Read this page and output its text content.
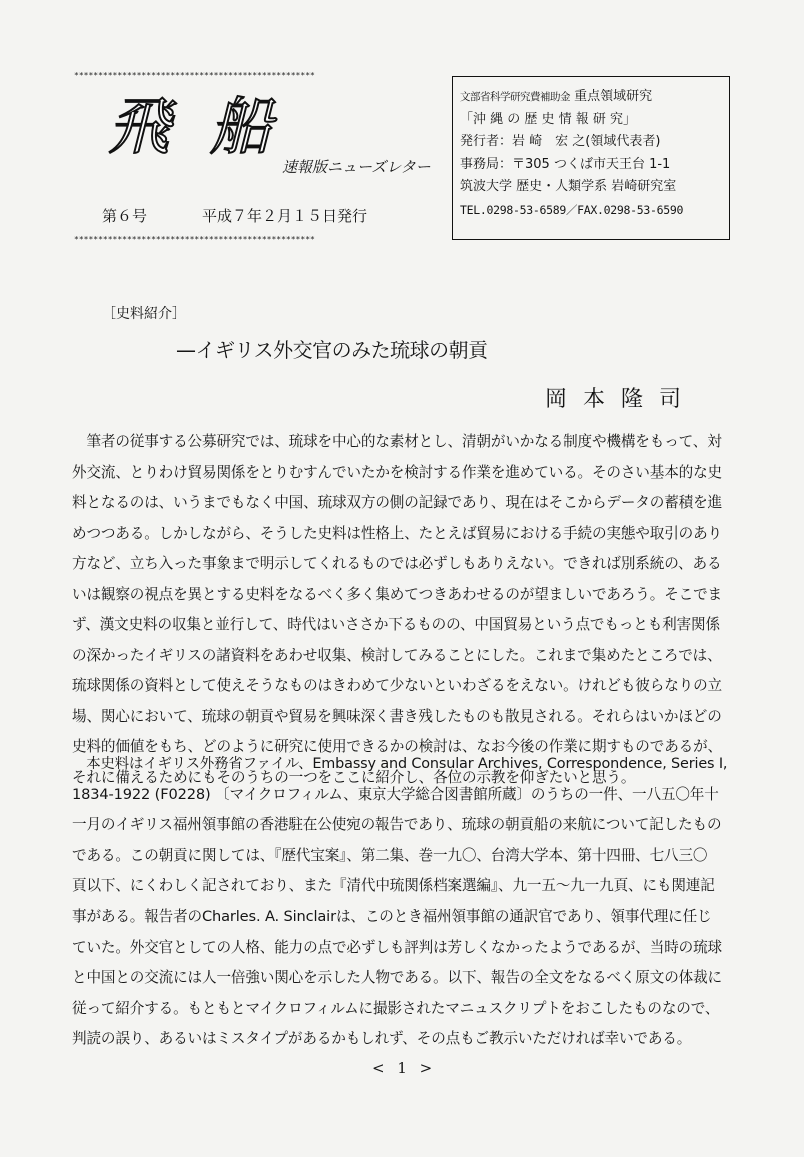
**************************************************
飛 船
速報版ニューズレター
第６号	平成７年２月１５日発行
**************************************************
文部省科学研究費補助金 重点領域研究
「沖 縄 の 歴 史 情 報 研 究」
発行者：岩 崎　宏 之(領域代表者)
事務局：〒305 つくば市天王台 1-1
筑波大学 歴史・人類学系 岩崎研究室
TEL.0298-53-6589／FAX.0298-53-6590
［史料紹介］
—イギリス外交官のみた琉球の朝貢
岡本隆司
　筆者の従事する公募研究では、琉球を中心的な素材とし、清朝がいかなる制度や機構をもって、対
外交流、とりわけ貿易関係をとりむすんでいたかを検討する作業を進めている。そのさい基本的な史
料となるのは、いうまでもなく中国、琉球双方の側の記録であり、現在はそこからデータの蓄積を進
めつつある。しかしながら、そうした史料は性格上、たとえば貿易における手続の実態や取引のあり
方など、立ち入った事象まで明示してくれるものでは必ずしもありえない。できれば別系統の、ある
いは観察の視点を異とする史料をなるべく多く集めてつきあわせるのが望ましいであろう。そこでま
ず、漢文史料の収集と並行して、時代はいささか下るものの、中国貿易という点でもっとも利害関係
の深かったイギリスの諸資料をあわせ収集、検討してみることにした。これまで集めたところでは、
琉球関係の資料として使えそうなものはきわめて少ないといわざるをえない。けれども彼らなりの立
場、関心において、琉球の朝貢や貿易を興味深く書き残したものも散見される。それらはいかほどの
史料的価値をもち、どのように研究に使用できるかの検討は、なお今後の作業に期すものであるが、
それに備えるためにもそのうちの一つをここに紹介し、各位の示教を仰ぎたいと思う。
　本史料はイギリス外務省ファイル、Embassy and Consular Archives, Correspondence, Series I,
1834-1922 (F0228) 〔マイクロフィルム、東京大学総合図書館所蔵〕のうちの一件、一八五〇年十
一月のイギリス福州領事館の香港駐在公使宛の報告であり、琉球の朝貢船の来航について記したもの
である。この朝貢に関しては、『歴代宝案』、第二集、巻一九〇、台湾大学本、第十四冊、七八三〇
頁以下、にくわしく記されており、また『清代中琉関係档案選編』、九一五～九一九頁、にも関連記
事がある。報告者のCharles. A. Sinclairは、このとき福州領事館の通訳官であり、領事代理に任じ
ていた。外交官としての人格、能力の点で必ずしも評判は芳しくなかったようであるが、当時の琉球
と中国との交流には人一倍強い関心を示した人物である。以下、報告の全文をなるべく原文の体裁に
従って紹介する。もともとマイクロフィルムに撮影されたマニュスクリプトをおこしたものなので、
判読の誤り、あるいはミスタイプがあるかもしれず、その点もご教示いただければ幸いである。
< 1 >
